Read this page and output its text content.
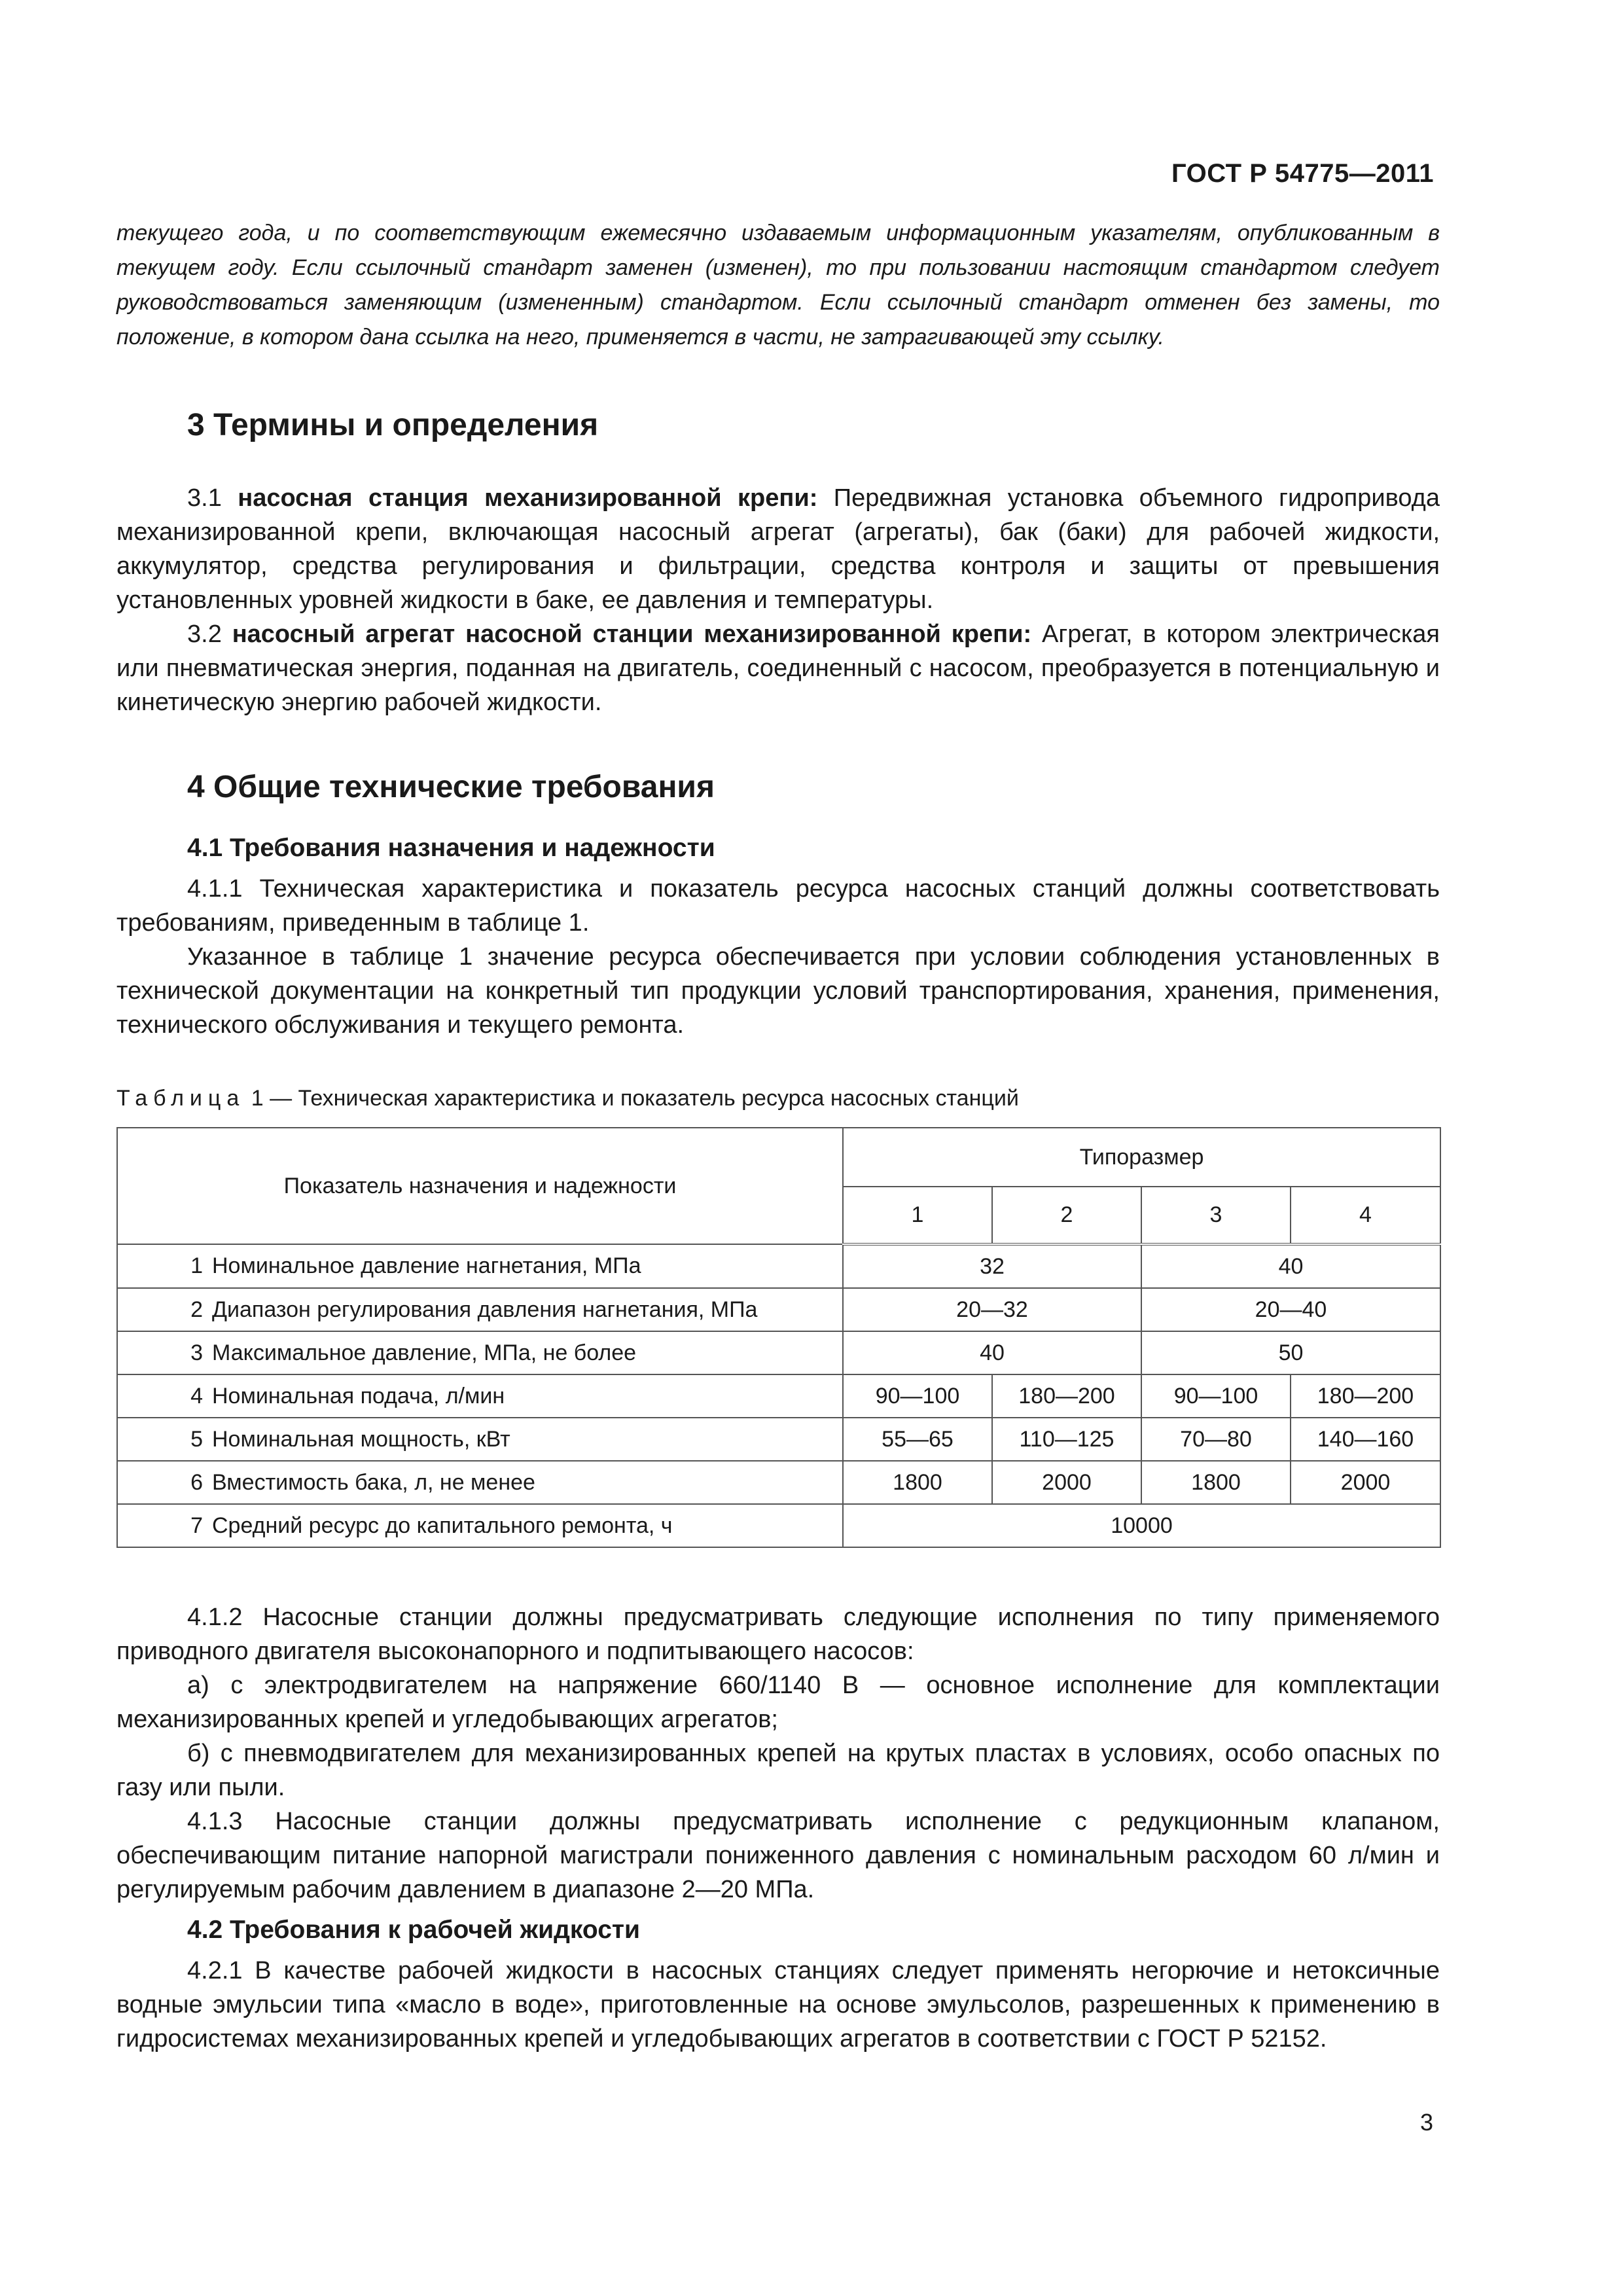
ГОСТ Р 54775—2011

текущего года, и по соответствующим ежемесячно издаваемым информационным указателям, опубликованным в текущем году. Если ссылочный стандарт заменен (изменен), то при пользовании настоящим стандартом следует руководствоваться заменяющим (измененным) стандартом. Если ссылочный стандарт отменен без замены, то положение, в котором дана ссылка на него, применяется в части, не затрагивающей эту ссылку.

3 Термины и определения

3.1 насосная станция механизированной крепи: Передвижная установка объемного гидропривода механизированной крепи, включающая насосный агрегат (агрегаты), бак (баки) для рабочей жидкости, аккумулятор, средства регулирования и фильтрации, средства контроля и защиты от превышения установленных уровней жидкости в баке, ее давления и температуры.

3.2 насосный агрегат насосной станции механизированной крепи: Агрегат, в котором электрическая или пневматическая энергия, поданная на двигатель, соединенный с насосом, преобразуется в потенциальную и кинетическую энергию рабочей жидкости.

4 Общие технические требования
4.1 Требования назначения и надежности

4.1.1 Техническая характеристика и показатель ресурса насосных станций должны соответствовать требованиям, приведенным в таблице 1.

Указанное в таблице 1 значение ресурса обеспечивается при условии соблюдения установленных в технической документации на конкретный тип продукции условий транспортирования, хранения, применения, технического обслуживания и текущего ремонта.

Таблица 1 — Техническая характеристика и показатель ресурса насосных станций

Показатель назначения и надежности	Типоразмер			
	1	2	3	4
1 Номинальное давление нагнетания, МПа	32		40	
2 Диапазон регулирования давления нагнетания, МПа	20—32		20—40	
3 Максимальное давление, МПа, не более	40		50	
4 Номинальная подача, л/мин	90—100	180—200	90—100	180—200
5 Номинальная мощность, кВт	55—65	110—125	70—80	140—160
6 Вместимость бака, л, не менее	1800	2000	1800	2000
7 Средний ресурс до капитального ремонта, ч	10000			

4.1.2 Насосные станции должны предусматривать следующие исполнения по типу применяемого приводного двигателя высоконапорного и подпитывающего насосов:

а) с электродвигателем на напряжение 660/1140 В — основное исполнение для комплектации механизированных крепей и угледобывающих агрегатов;

б) с пневмодвигателем для механизированных крепей на крутых пластах в условиях, особо опасных по газу или пыли.

4.1.3 Насосные станции должны предусматривать исполнение с редукционным клапаном, обеспечивающим питание напорной магистрали пониженного давления с номинальным расходом 60 л/мин и регулируемым рабочим давлением в диапазоне 2—20 МПа.

4.2 Требования к рабочей жидкости

4.2.1 В качестве рабочей жидкости в насосных станциях следует применять негорючие и нетоксичные водные эмульсии типа «масло в воде», приготовленные на основе эмульсолов, разрешенных к применению в гидросистемах механизированных крепей и угледобывающих агрегатов в соответствии с ГОСТ Р 52152.

3
